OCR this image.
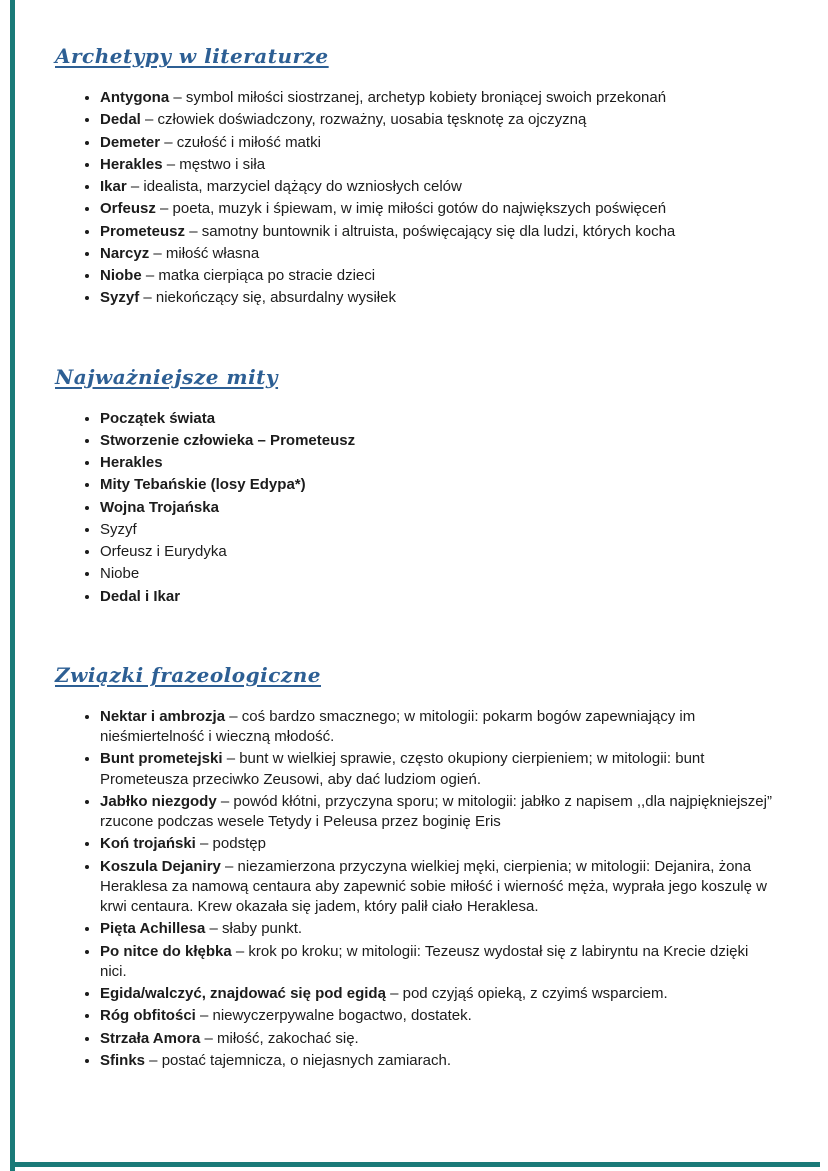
Archetypy w literaturze
• Antygona – symbol miłości siostrzanej, archetyp kobiety broniącej swoich przekonań
• Dedal – człowiek doświadczony, rozważny, uosabia tęsknotę za ojczyzną
• Demeter – czułość i miłość matki
• Herakles – męstwo i siła
• Ikar – idealista, marzyciel dążący do wzniosłych celów
• Orfeusz – poeta, muzyk i śpiewam, w imię miłości gotów do największych poświęceń
• Prometeusz – samotny buntownik i altruista, poświęcający się dla ludzi, których kocha
• Narcyz – miłość własna
• Niobe – matka cierpiąca po stracie dzieci
• Syzyf – niekończący się, absurdalny wysiłek
Najważniejsze mity
• Początek świata
• Stworzenie człowieka – Prometeusz
• Herakles
• Mity Tebańskie (losy Edypa*)
• Wojna Trojańska
• Syzyf
• Orfeusz i Eurydyka
• Niobe
• Dedal i Ikar
Związki frazeologiczne
• Nektar i ambrozja – coś bardzo smacznego; w mitologii: pokarm bogów zapewniający im nieśmiertelność i wieczną młodość.
• Bunt prometejski – bunt w wielkiej sprawie, często okupiony cierpieniem; w mitologii: bunt Prometeusza przeciwko Zeusowi, aby dać ludziom ogień.
• Jabłko niezgody – powód kłótni, przyczyna sporu; w mitologii: jabłko z napisem ,,dla najpiękniejszej” rzucone podczas wesele Tetydy i Peleusa przez boginię Eris
• Koń trojański – podstęp
• Koszula Dejaniry – niezamierzona przyczyna wielkiej męki, cierpienia; w mitologii: Dejanira, żona Heraklesa za namową centaura aby zapewnić sobie miłość i wierność męża, wyprała jego koszulę w krwi centaura. Krew okazała się jadem, który palił ciało Heraklesa.
• Pięta Achillesa – słaby punkt.
• Po nitce do kłębka – krok po kroku; w mitologii: Tezeusz wydostał się z labiryntu na Krecie dzięki nici.
• Egida/walczyć, znajdować się pod egidą – pod czyjąś opieką, z czyimś wsparciem.
• Róg obfitości – niewyczerpywalne bogactwo, dostatek.
• Strzała Amora – miłość, zakochać się.
• Sfinks – postać tajemnicza, o niejasnych zamiarach.
